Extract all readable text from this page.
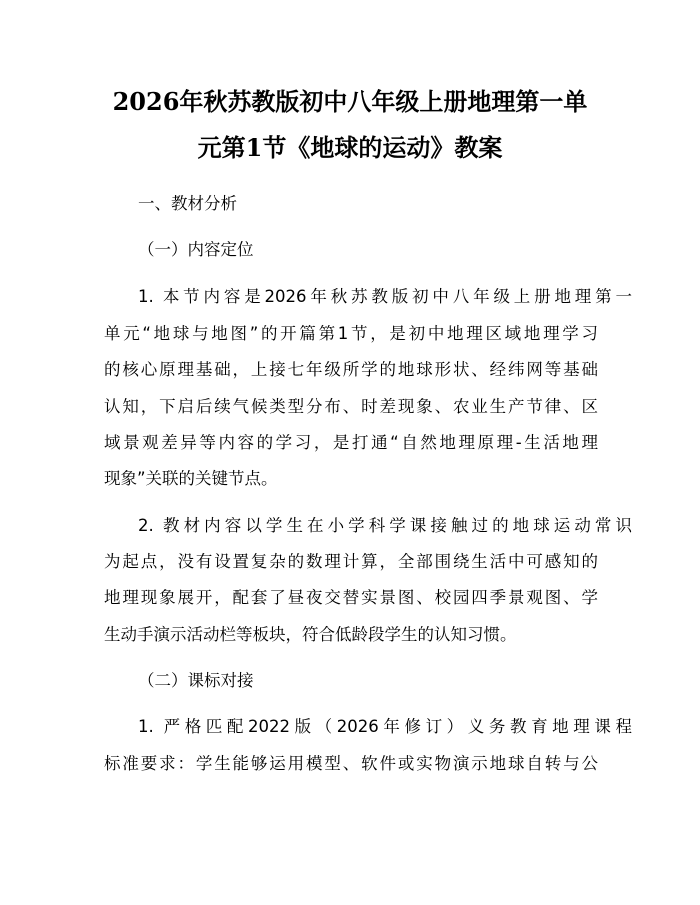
2026年秋苏教版初中八年级上册地理第一单
元第1节《地球的运动》教案

一、教材分析

（一）内容定位

1. 本节内容是2026年秋苏教版初中八年级上册地理第一

单元“地球与地图”的开篇第1节，是初中地理区域地理学习

的核心原理基础，上接七年级所学的地球形状、经纬网等基础

认知，下启后续气候类型分布、时差现象、农业生产节律、区

域景观差异等内容的学习，是打通“自然地理原理-生活地理

现象”关联的关键节点。

2. 教材内容以学生在小学科学课接触过的地球运动常识

为起点，没有设置复杂的数理计算，全部围绕生活中可感知的

地理现象展开，配套了昼夜交替实景图、校园四季景观图、学

生动手演示活动栏等板块，符合低龄段学生的认知习惯。

（二）课标对接

1. 严格匹配2022版（2026年修订）义务教育地理课程

标准要求：学生能够运用模型、软件或实物演示地球自转与公
